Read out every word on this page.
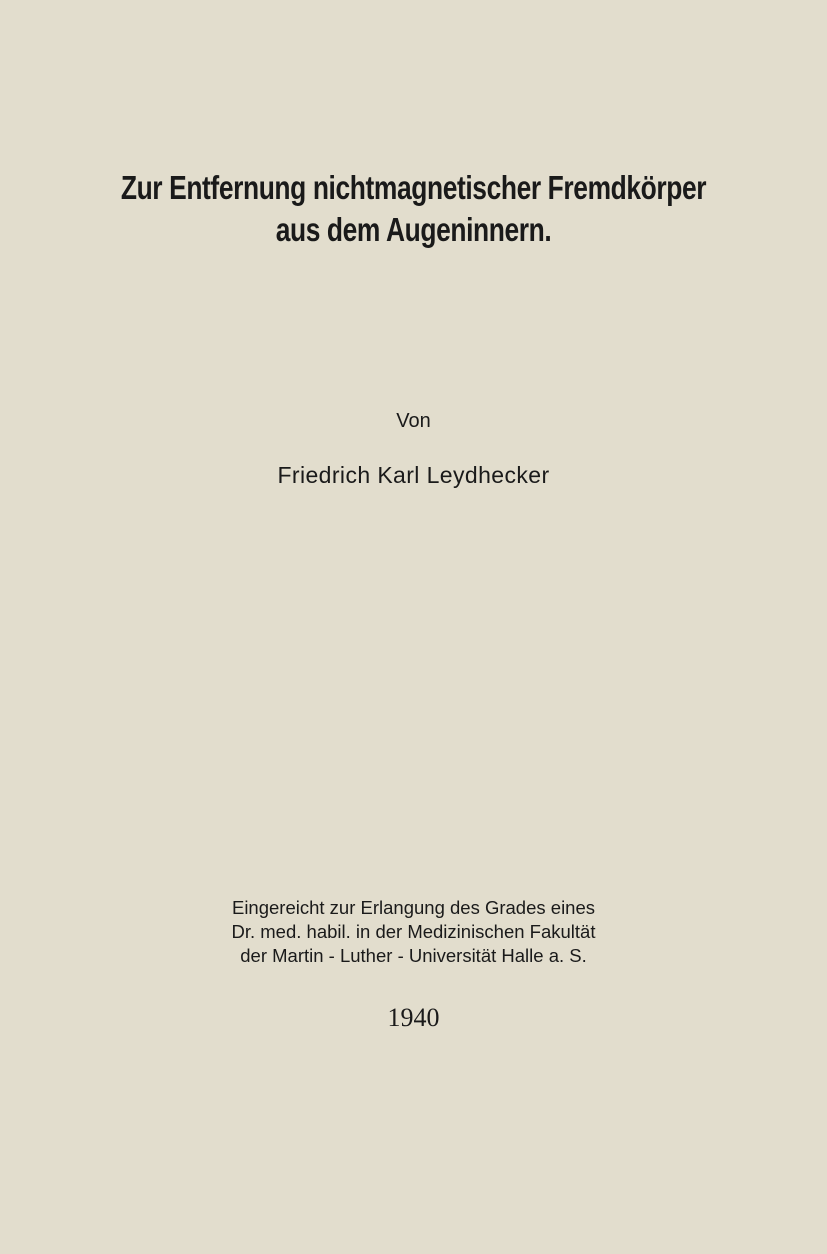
Zur Entfernung nichtmagnetischer Fremdkörper
aus dem Augeninnern.
Von
Friedrich Karl Leydhecker
Eingereicht zur Erlangung des Grades eines
Dr. med. habil. in der Medizinischen Fakultät
der Martin - Luther - Universität Halle a. S.
1940
